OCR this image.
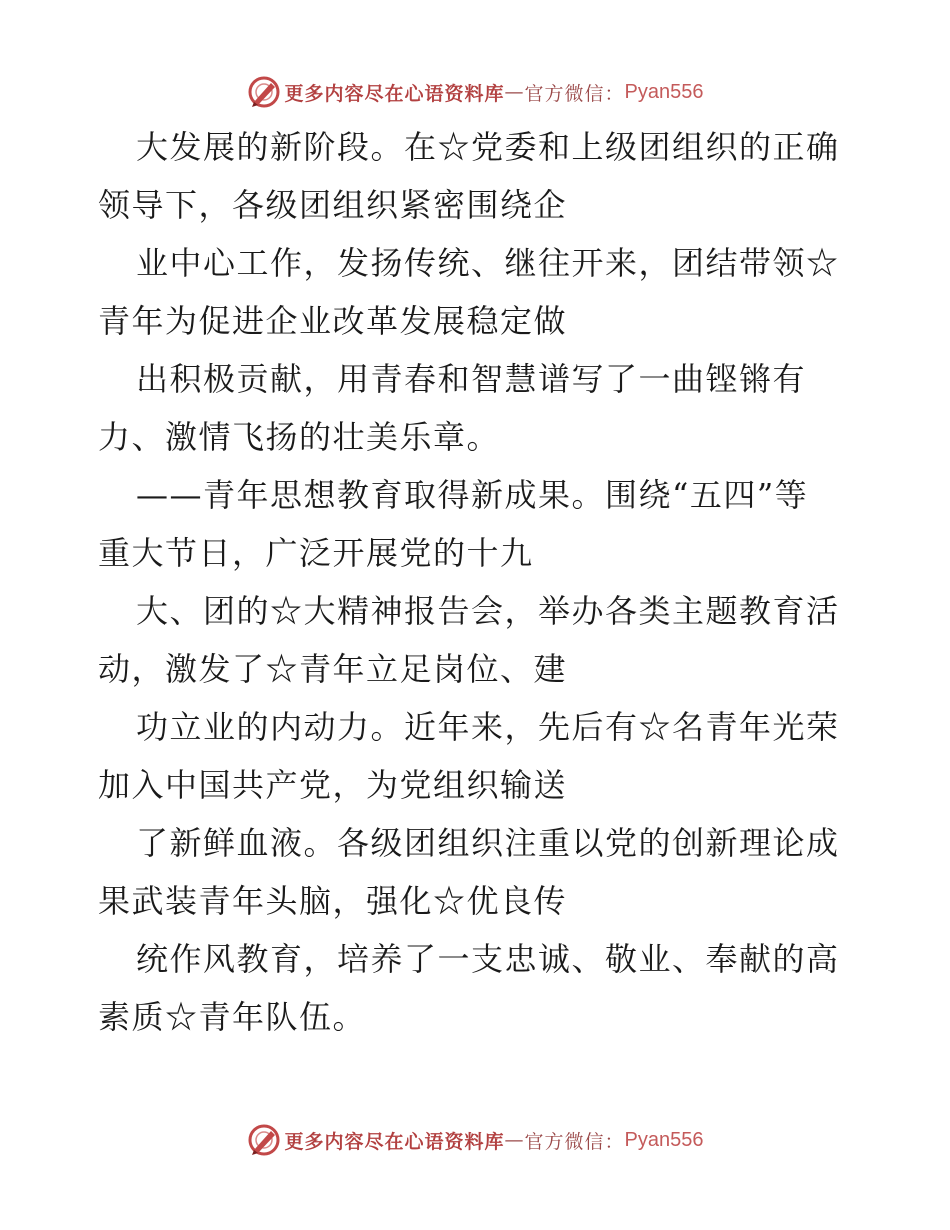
更多内容尽在心语资料库 — 官方微信： Pyan556

大发展的新阶段。在☆党委和上级团组织的正确
领导下，各级团组织紧密围绕企

业中心工作，发扬传统、继往开来，团结带领☆
青年为促进企业改革发展稳定做

出积极贡献，用青春和智慧谱写了一曲铿锵有
力、激情飞扬的壮美乐章。

——青年思想教育取得新成果。围绕“五四”等
重大节日，广泛开展党的十九

大、团的☆大精神报告会，举办各类主题教育活
动，激发了☆青年立足岗位、建

功立业的内动力。近年来，先后有☆名青年光荣
加入中国共产党，为党组织输送

了新鲜血液。各级团组织注重以党的创新理论成
果武装青年头脑，强化☆优良传

统作风教育，培养了一支忠诚、敬业、奉献的高
素质☆青年队伍。

更多内容尽在心语资料库 — 官方微信： Pyan556
